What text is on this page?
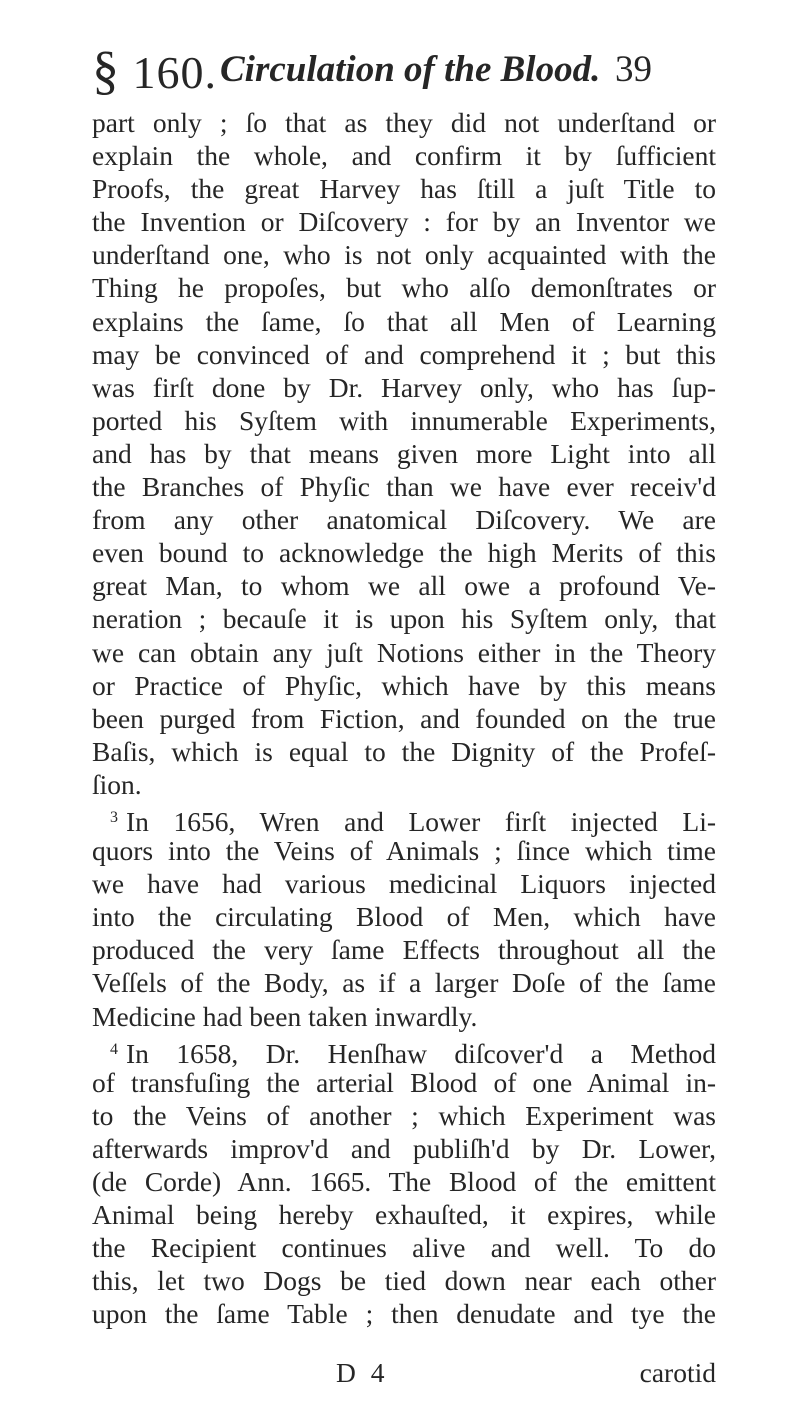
§ 160. Circulation of the Blood. 39
part only ; ſo that as they did not underſtand or
explain the whole, and confirm it by ſufficient
Proofs, the great Harvey has ſtill a juſt Title to
the Invention or Diſcovery : for by an Inventor we
underſtand one, who is not only acquainted with the
Thing he propoſes, but who alſo demonſtrates or
explains the ſame, ſo that all Men of Learning
may be convinced of and comprehend it ; but this
was firſt done by Dr. Harvey only, who has ſup-
ported his Syſtem with innumerable Experiments,
and has by that means given more Light into all
the Branches of Phyſic than we have ever receiv'd
from any other anatomical Diſcovery. We are
even bound to acknowledge the high Merits of this
great Man, to whom we all owe a profound Ve-
neration ; becauſe it is upon his Syſtem only, that
we can obtain any juſt Notions either in the Theory
or Practice of Phyſic, which have by this means
been purged from Fiction, and founded on the true
Baſis, which is equal to the Dignity of the Profeſ-
ſion.
$^3$ In 1656, Wren and Lower firſt injected Li-
quors into the Veins of Animals ; ſince which time
we have had various medicinal Liquors injected
into the circulating Blood of Men, which have
produced the very ſame Effects throughout all the
Veſſels of the Body, as if a larger Doſe of the ſame
Medicine had been taken inwardly.
$^4$ In 1658, Dr. Henſhaw diſcover'd a Method
of transfuſing the arterial Blood of one Animal in-
to the Veins of another ; which Experiment was
afterwards improv'd and publiſh'd by Dr. Lower,
(de Corde) Ann. 1665. The Blood of the emittent
Animal being hereby exhauſted, it expires, while
the Recipient continues alive and well. To do
this, let two Dogs be tied down near each other
upon the ſame Table ; then denudate and tye the
D 4	carotid
